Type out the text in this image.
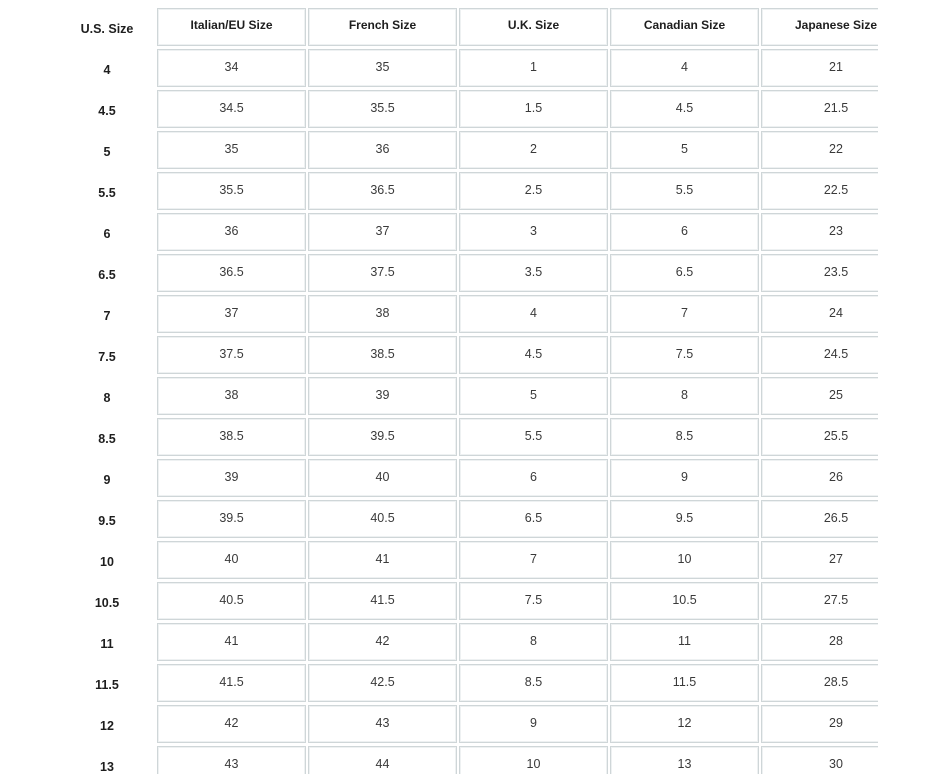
U.S. Size	Italian/EU Size	French Size	U.K. Size	Canadian Size	Japanese Size
4	34	35	1	4	21
4.5	34.5	35.5	1.5	4.5	21.5
5	35	36	2	5	22
5.5	35.5	36.5	2.5	5.5	22.5
6	36	37	3	6	23
6.5	36.5	37.5	3.5	6.5	23.5
7	37	38	4	7	24
7.5	37.5	38.5	4.5	7.5	24.5
8	38	39	5	8	25
8.5	38.5	39.5	5.5	8.5	25.5
9	39	40	6	9	26
9.5	39.5	40.5	6.5	9.5	26.5
10	40	41	7	10	27
10.5	40.5	41.5	7.5	10.5	27.5
11	41	42	8	11	28
11.5	41.5	42.5	8.5	11.5	28.5
12	42	43	9	12	29
13	43	44	10	13	30
